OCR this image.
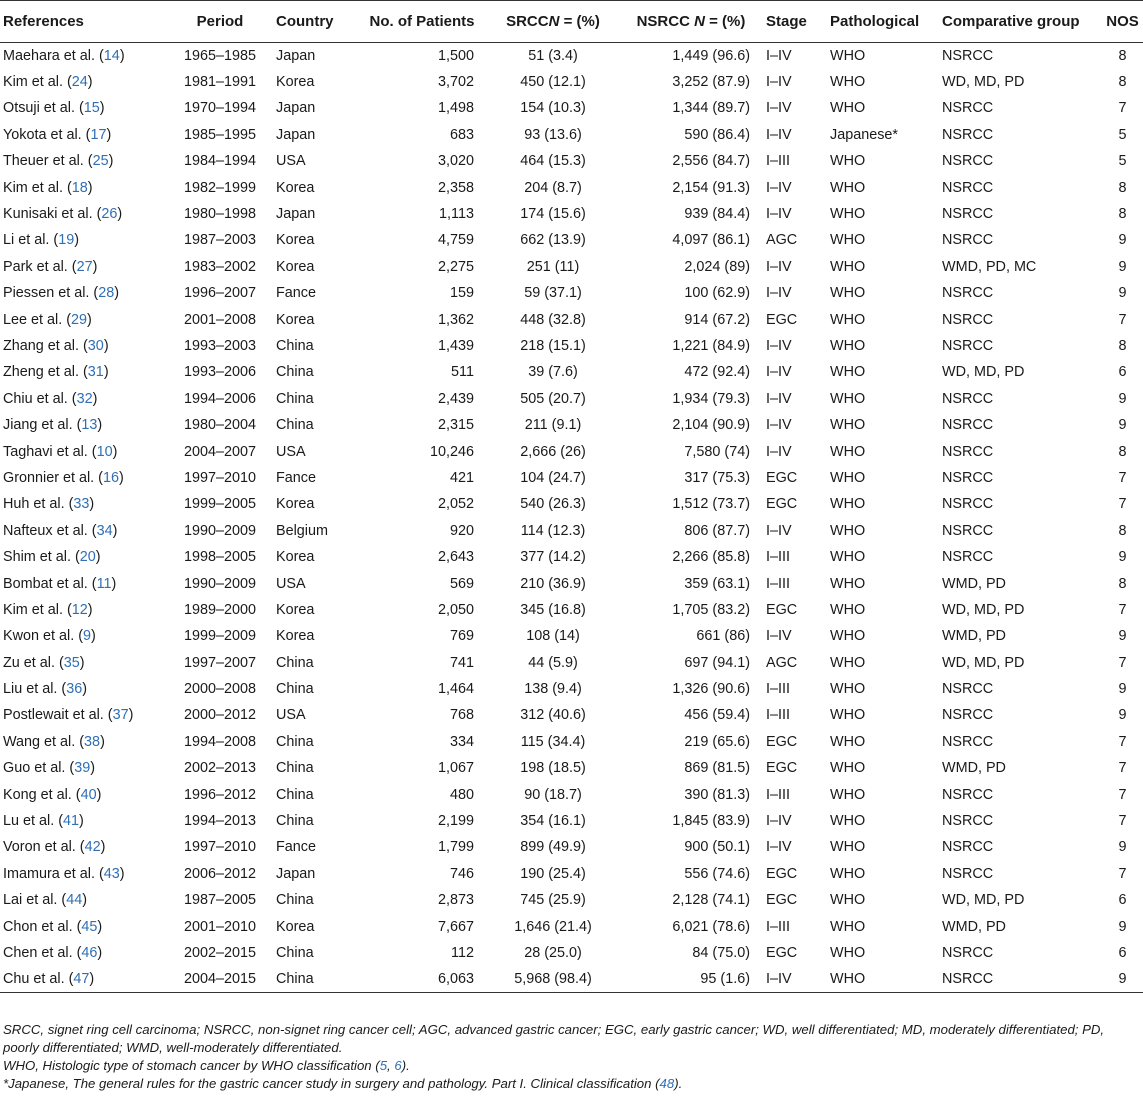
References	Period	Country	No. of Patients	SRCCN = (%)	NSRCC N = (%)	Stage	Pathological	Comparative group	NOS
Maehara et al. (14)	1965–1985	Japan	1,500	51 (3.4)	1,449 (96.6)	I–IV	WHO	NSRCC	8
Kim et al. (24)	1981–1991	Korea	3,702	450 (12.1)	3,252 (87.9)	I–IV	WHO	WD, MD, PD	8
Otsuji et al. (15)	1970–1994	Japan	1,498	154 (10.3)	1,344 (89.7)	I–IV	WHO	NSRCC	7
Yokota et al. (17)	1985–1995	Japan	683	93 (13.6)	590 (86.4)	I–IV	Japanese*	NSRCC	5
Theuer et al. (25)	1984–1994	USA	3,020	464 (15.3)	2,556 (84.7)	I–III	WHO	NSRCC	5
Kim et al. (18)	1982–1999	Korea	2,358	204 (8.7)	2,154 (91.3)	I–IV	WHO	NSRCC	8
Kunisaki et al. (26)	1980–1998	Japan	1,113	174 (15.6)	939 (84.4)	I–IV	WHO	NSRCC	8
Li et al. (19)	1987–2003	Korea	4,759	662 (13.9)	4,097 (86.1)	AGC	WHO	NSRCC	9
Park et al. (27)	1983–2002	Korea	2,275	251 (11)	2,024 (89)	I–IV	WHO	WMD, PD, MC	9
Piessen et al. (28)	1996–2007	Fance	159	59 (37.1)	100 (62.9)	I–IV	WHO	NSRCC	9
Lee et al. (29)	2001–2008	Korea	1,362	448 (32.8)	914 (67.2)	EGC	WHO	NSRCC	7
Zhang et al. (30)	1993–2003	China	1,439	218 (15.1)	1,221 (84.9)	I–IV	WHO	NSRCC	8
Zheng et al. (31)	1993–2006	China	511	39 (7.6)	472 (92.4)	I–IV	WHO	WD, MD, PD	6
Chiu et al. (32)	1994–2006	China	2,439	505 (20.7)	1,934 (79.3)	I–IV	WHO	NSRCC	9
Jiang et al. (13)	1980–2004	China	2,315	211 (9.1)	2,104 (90.9)	I–IV	WHO	NSRCC	9
Taghavi et al. (10)	2004–2007	USA	10,246	2,666 (26)	7,580 (74)	I–IV	WHO	NSRCC	8
Gronnier et al. (16)	1997–2010	Fance	421	104 (24.7)	317 (75.3)	EGC	WHO	NSRCC	7
Huh et al. (33)	1999–2005	Korea	2,052	540 (26.3)	1,512 (73.7)	EGC	WHO	NSRCC	7
Nafteux et al. (34)	1990–2009	Belgium	920	114 (12.3)	806 (87.7)	I–IV	WHO	NSRCC	8
Shim et al. (20)	1998–2005	Korea	2,643	377 (14.2)	2,266 (85.8)	I–III	WHO	NSRCC	9
Bombat et al. (11)	1990–2009	USA	569	210 (36.9)	359 (63.1)	I–III	WHO	WMD, PD	8
Kim et al. (12)	1989–2000	Korea	2,050	345 (16.8)	1,705 (83.2)	EGC	WHO	WD, MD, PD	7
Kwon et al. (9)	1999–2009	Korea	769	108 (14)	661 (86)	I–IV	WHO	WMD, PD	9
Zu et al. (35)	1997–2007	China	741	44 (5.9)	697 (94.1)	AGC	WHO	WD, MD, PD	7
Liu et al. (36)	2000–2008	China	1,464	138 (9.4)	1,326 (90.6)	I–III	WHO	NSRCC	9
Postlewait et al. (37)	2000–2012	USA	768	312 (40.6)	456 (59.4)	I–III	WHO	NSRCC	9
Wang et al. (38)	1994–2008	China	334	115 (34.4)	219 (65.6)	EGC	WHO	NSRCC	7
Guo et al. (39)	2002–2013	China	1,067	198 (18.5)	869 (81.5)	EGC	WHO	WMD, PD	7
Kong et al. (40)	1996–2012	China	480	90 (18.7)	390 (81.3)	I–III	WHO	NSRCC	7
Lu et al. (41)	1994–2013	China	2,199	354 (16.1)	1,845 (83.9)	I–IV	WHO	NSRCC	7
Voron et al. (42)	1997–2010	Fance	1,799	899 (49.9)	900 (50.1)	I–IV	WHO	NSRCC	9
Imamura et al. (43)	2006–2012	Japan	746	190 (25.4)	556 (74.6)	EGC	WHO	NSRCC	7
Lai et al. (44)	1987–2005	China	2,873	745 (25.9)	2,128 (74.1)	EGC	WHO	WD, MD, PD	6
Chon et al. (45)	2001–2010	Korea	7,667	1,646 (21.4)	6,021 (78.6)	I–III	WHO	WMD, PD	9
Chen et al. (46)	2002–2015	China	112	28 (25.0)	84 (75.0)	EGC	WHO	NSRCC	6
Chu et al. (47)	2004–2015	China	6,063	5,968 (98.4)	95 (1.6)	I–IV	WHO	NSRCC	9

SRCC, signet ring cell carcinoma; NSRCC, non-signet ring cancer cell; AGC, advanced gastric cancer; EGC, early gastric cancer; WD, well differentiated; MD, moderately differentiated; PD, poorly differentiated; WMD, well-moderately differentiated.

WHO, Histologic type of stomach cancer by WHO classification (5, 6).

*Japanese, The general rules for the gastric cancer study in surgery and pathology. Part I. Clinical classification (48).
